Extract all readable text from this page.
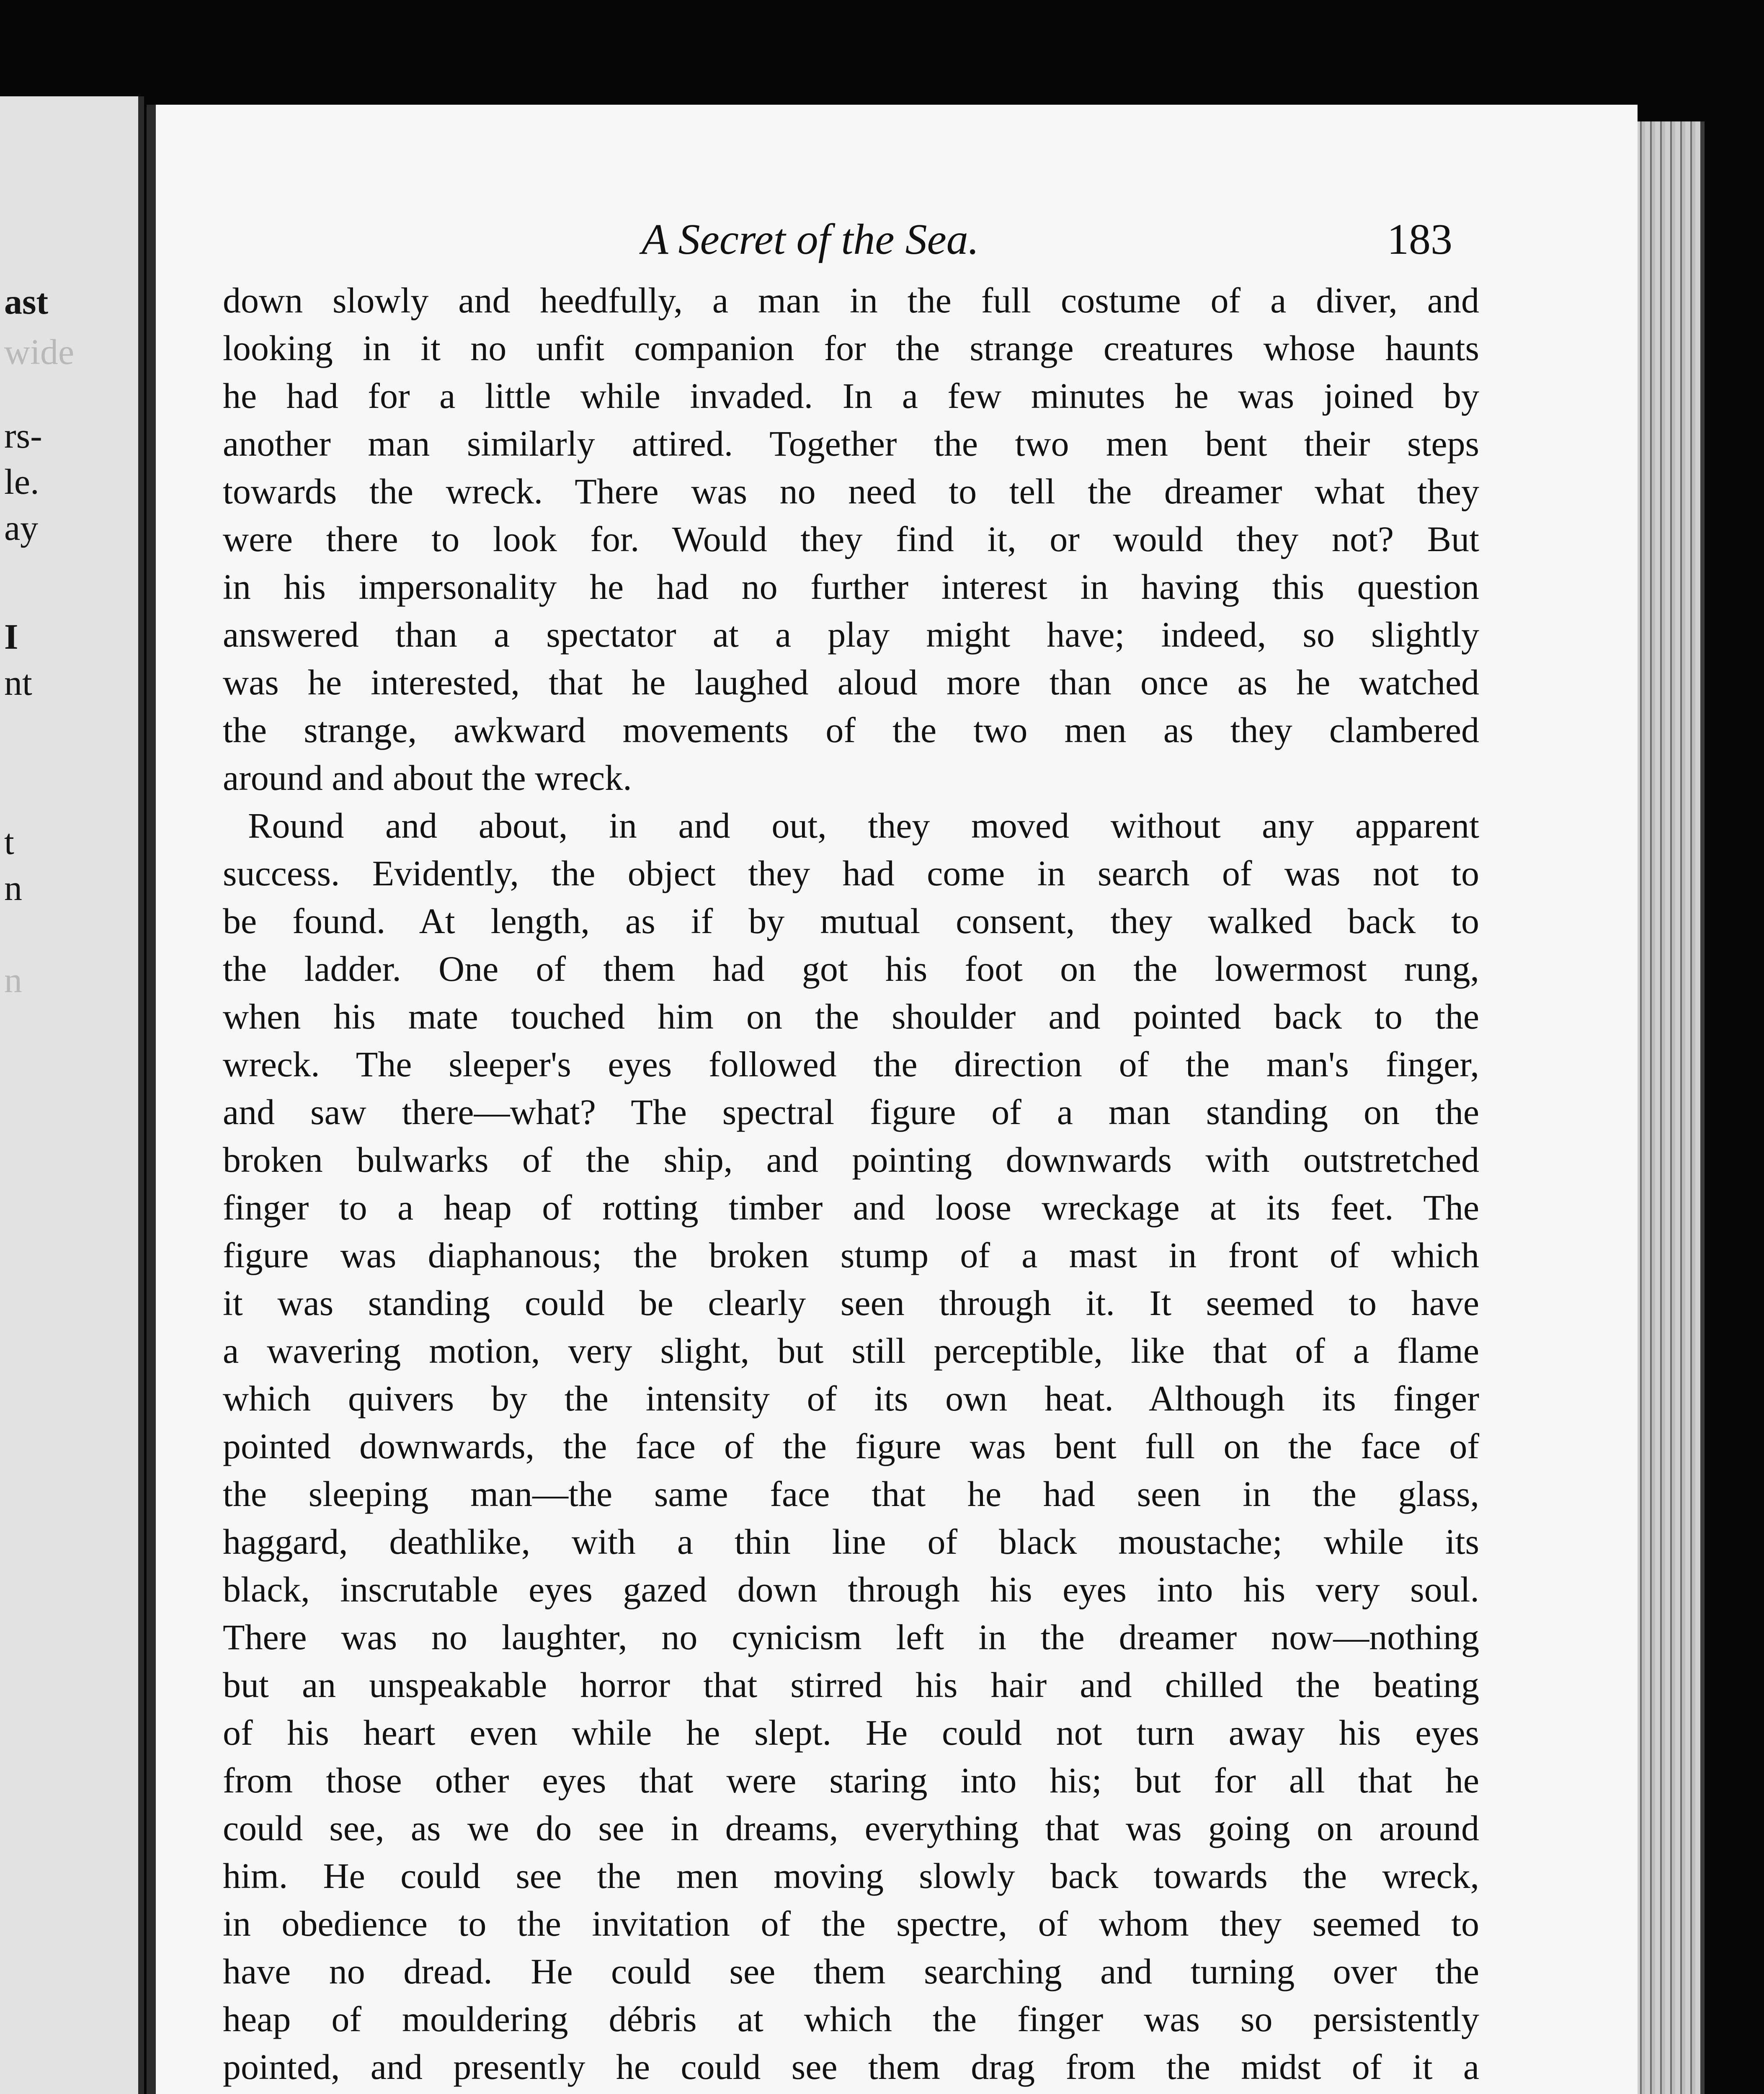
ast
wide
rs-
le.
ay
I
nt
t
n
n
A Secret of the Sea.	183
down slowly and heedfully, a man in the full costume of a diver, and
looking in it no unfit companion for the strange creatures whose haunts
he had for a little while invaded. In a few minutes he was joined by
another man similarly attired. Together the two men bent their steps
towards the wreck. There was no need to tell the dreamer what they
were there to look for. Would they find it, or would they not? But
in his impersonality he had no further interest in having this question
answered than a spectator at a play might have; indeed, so slightly
was he interested, that he laughed aloud more than once as he watched
the strange, awkward movements of the two men as they clambered
around and about the wreck.
Round and about, in and out, they moved without any apparent
success. Evidently, the object they had come in search of was not to
be found. At length, as if by mutual consent, they walked back to
the ladder. One of them had got his foot on the lowermost rung,
when his mate touched him on the shoulder and pointed back to the
wreck. The sleeper's eyes followed the direction of the man's finger,
and saw there—what? The spectral figure of a man standing on the
broken bulwarks of the ship, and pointing downwards with outstretched
finger to a heap of rotting timber and loose wreckage at its feet. The
figure was diaphanous; the broken stump of a mast in front of which
it was standing could be clearly seen through it. It seemed to have
a wavering motion, very slight, but still perceptible, like that of a flame
which quivers by the intensity of its own heat. Although its finger
pointed downwards, the face of the figure was bent full on the face of
the sleeping man—the same face that he had seen in the glass,
haggard, deathlike, with a thin line of black moustache; while its
black, inscrutable eyes gazed down through his eyes into his very soul.
There was no laughter, no cynicism left in the dreamer now—nothing
but an unspeakable horror that stirred his hair and chilled the beating
of his heart even while he slept. He could not turn away his eyes
from those other eyes that were staring into his; but for all that he
could see, as we do see in dreams, everything that was going on around
him. He could see the men moving slowly back towards the wreck,
in obedience to the invitation of the spectre, of whom they seemed to
have no dread. He could see them searching and turning over the
heap of mouldering débris at which the finger was so persistently
pointed, and presently he could see them drag from the midst of it a
